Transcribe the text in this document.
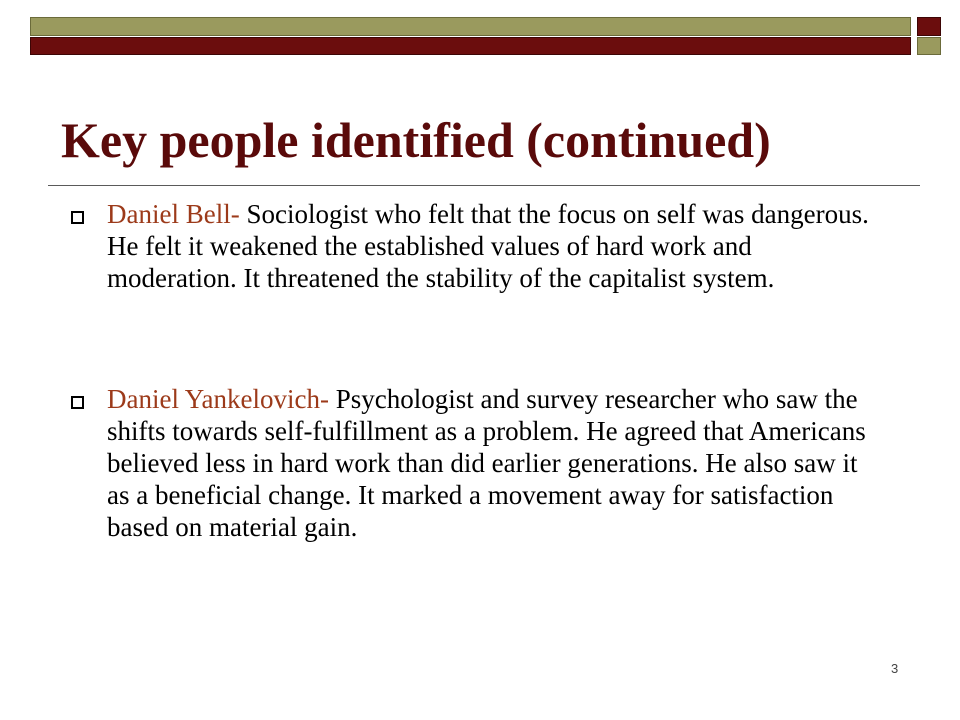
Key people identified (continued)

Daniel Bell- Sociologist who felt that the focus on self was dangerous. He felt it weakened the established values of hard work and moderation. It threatened the stability of the capitalist system.

Daniel Yankelovich- Psychologist and survey researcher who saw the shifts towards self-fulfillment as a problem. He agreed that Americans believed less in hard work than did earlier generations. He also saw it as a beneficial change. It marked a movement away for satisfaction based on material gain.

3
